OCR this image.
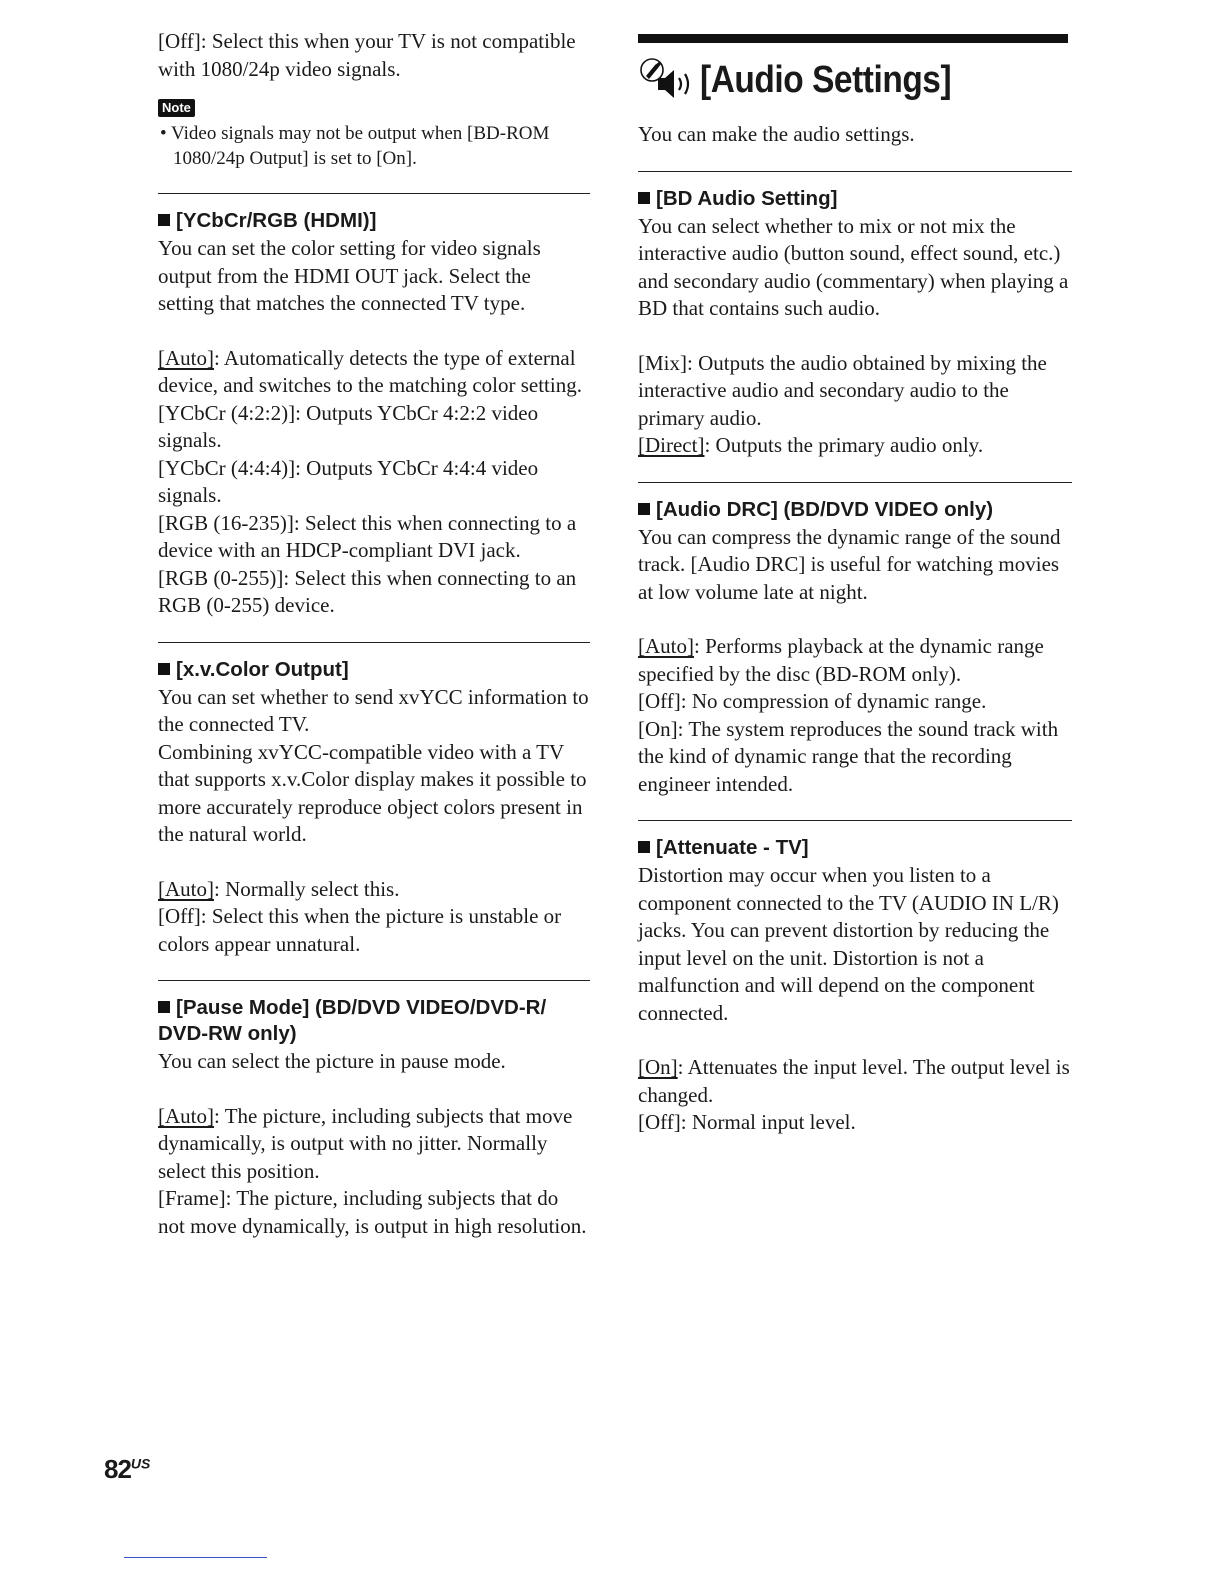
[Off]: Select this when your TV is not compatible with 1080/24p video signals.

Note
• Video signals may not be output when [BD-ROM
1080/24p Output] is set to [On].
[YCbCr/RGB (HDMI)]

You can set the color setting for video signals output from the HDMI OUT jack. Select the setting that matches the connected TV type.

[Auto]: Automatically detects the type of external device, and switches to the matching color setting.

[YCbCr (4:2:2)]: Outputs YCbCr 4:2:2 video signals.

[YCbCr (4:4:4)]: Outputs YCbCr 4:4:4 video signals.

[RGB (16-235)]: Select this when connecting to a device with an HDCP-compliant DVI jack.

[RGB (0-255)]: Select this when connecting to an RGB (0-255) device.

[x.v.Color Output]

You can set whether to send xvYCC information to the connected TV.

Combining xvYCC-compatible video with a TV that supports x.v.Color display makes it possible to more accurately reproduce object colors present in the natural world.

[Auto]: Normally select this.

[Off]: Select this when the picture is unstable or colors appear unnatural.

[Pause Mode] (BD/DVD VIDEO/DVD-R/
DVD-RW only)

You can select the picture in pause mode.

[Auto]: The picture, including subjects that move dynamically, is output with no jitter. Normally select this position.

[Frame]: The picture, including subjects that do not move dynamically, is output in high resolution.

[Audio Settings]

You can make the audio settings.

[BD Audio Setting]

You can select whether to mix or not mix the interactive audio (button sound, effect sound, etc.) and secondary audio (commentary) when playing a BD that contains such audio.

[Mix]: Outputs the audio obtained by mixing the interactive audio and secondary audio to the primary audio.

[Direct]: Outputs the primary audio only.

[Audio DRC] (BD/DVD VIDEO only)

You can compress the dynamic range of the sound track. [Audio DRC] is useful for watching movies at low volume late at night.

[Auto]: Performs playback at the dynamic range specified by the disc (BD-ROM only).

[Off]: No compression of dynamic range.

[On]: The system reproduces the sound track with the kind of dynamic range that the recording engineer intended.

[Attenuate - TV]

Distortion may occur when you listen to a component connected to the TV (AUDIO IN L/R) jacks. You can prevent distortion by reducing the input level on the unit. Distortion is not a malfunction and will depend on the component connected.

[On]: Attenuates the input level. The output level is changed.

[Off]: Normal input level.

$82^{US}$
